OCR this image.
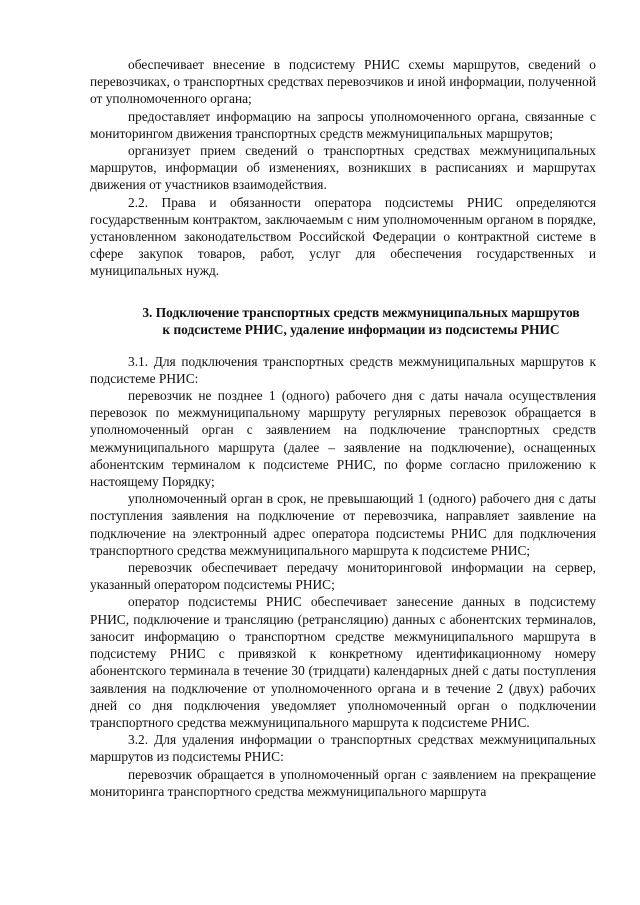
обеспечивает внесение в подсистему РНИС схемы маршрутов, сведений о перевозчиках, о транспортных средствах перевозчиков и иной информации, полученной от уполномоченного органа;

предоставляет информацию на запросы уполномоченного органа, связанные с мониторингом движения транспортных средств межмуниципальных маршрутов;

организует прием сведений о транспортных средствах межмуниципальных маршрутов, информации об изменениях, возникших в расписаниях и маршрутах движения от участников взаимодействия.

2.2. Права и обязанности оператора подсистемы РНИС определяются государственным контрактом, заключаемым с ним уполномоченным органом в порядке, установленном законодательством Российской Федерации о контрактной системе в сфере закупок товаров, работ, услуг для обеспечения государственных и муниципальных нужд.

3. Подключение транспортных средств межмуниципальных маршрутов
к подсистеме РНИС, удаление информации из подсистемы РНИС

3.1. Для подключения транспортных средств межмуниципальных маршрутов к подсистеме РНИС:

перевозчик не позднее 1 (одного) рабочего дня с даты начала осуществления перевозок по межмуниципальному маршруту регулярных перевозок обращается в уполномоченный орган с заявлением на подключение транспортных средств межмуниципального маршрута (далее – заявление на подключение), оснащенных абонентским терминалом к подсистеме РНИС, по форме согласно приложению к настоящему Порядку;

уполномоченный орган в срок, не превышающий 1 (одного) рабочего дня с даты поступления заявления на подключение от перевозчика, направляет заявление на подключение на электронный адрес оператора подсистемы РНИС для подключения транспортного средства межмуниципального маршрута к подсистеме РНИС;

перевозчик обеспечивает передачу мониторинговой информации на сервер, указанный оператором подсистемы РНИС;

оператор подсистемы РНИС обеспечивает занесение данных в подсистему РНИС, подключение и трансляцию (ретрансляцию) данных с абонентских терминалов, заносит информацию о транспортном средстве межмуниципального маршрута в подсистему РНИС с привязкой к конкретному идентификационному номеру абонентского терминала в течение 30 (тридцати) календарных дней с даты поступления заявления на подключение от уполномоченного органа и в течение 2 (двух) рабочих дней со дня подключения уведомляет уполномоченный орган о подключении транспортного средства межмуниципального маршрута к подсистеме РНИС.

3.2. Для удаления информации о транспортных средствах межмуниципальных маршрутов из подсистемы РНИС:

перевозчик обращается в уполномоченный орган с заявлением на прекращение мониторинга транспортного средства межмуниципального маршрута
